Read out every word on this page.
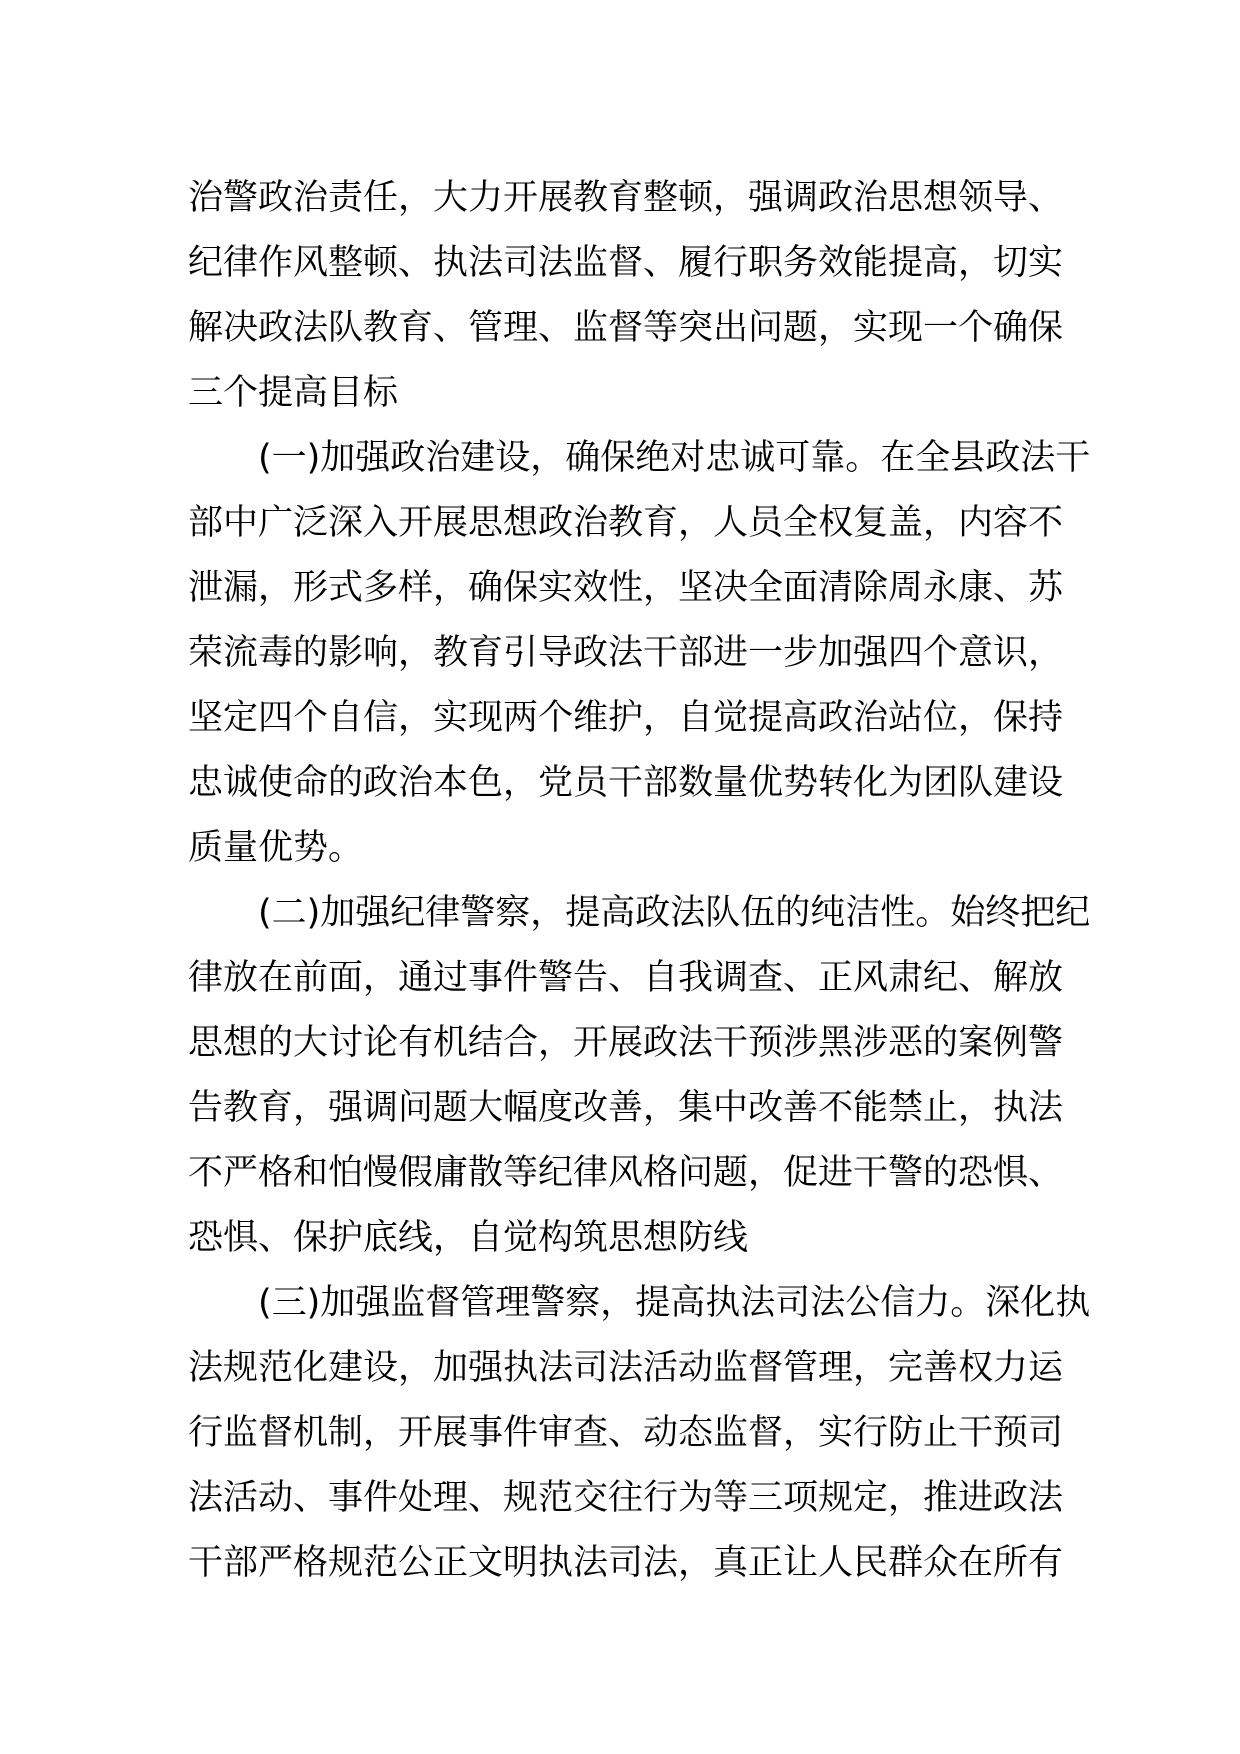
治警政治责任，大力开展教育整顿，强调政治思想领导、
纪律作风整顿、执法司法监督、履行职务效能提高，切实
解决政法队教育、管理、监督等突出问题，实现一个确保
三个提高目标

(一)加强政治建设，确保绝对忠诚可靠。在全县政法干
部中广泛深入开展思想政治教育，人员全权复盖，内容不
泄漏，形式多样，确保实效性，坚决全面清除周永康、苏
荣流毒的影响，教育引导政法干部进一步加强四个意识，
坚定四个自信，实现两个维护，自觉提高政治站位，保持
忠诚使命的政治本色，党员干部数量优势转化为团队建设
质量优势。

(二)加强纪律警察，提高政法队伍的纯洁性。始终把纪
律放在前面，通过事件警告、自我调查、正风肃纪、解放
思想的大讨论有机结合，开展政法干预涉黑涉恶的案例警
告教育，强调问题大幅度改善，集中改善不能禁止，执法
不严格和怕慢假庸散等纪律风格问题，促进干警的恐惧、
恐惧、保护底线，自觉构筑思想防线

(三)加强监督管理警察，提高执法司法公信力。深化执
法规范化建设，加强执法司法活动监督管理，完善权力运
行监督机制，开展事件审查、动态监督，实行防止干预司
法活动、事件处理、规范交往行为等三项规定，推进政法
干部严格规范公正文明执法司法，真正让人民群众在所有
